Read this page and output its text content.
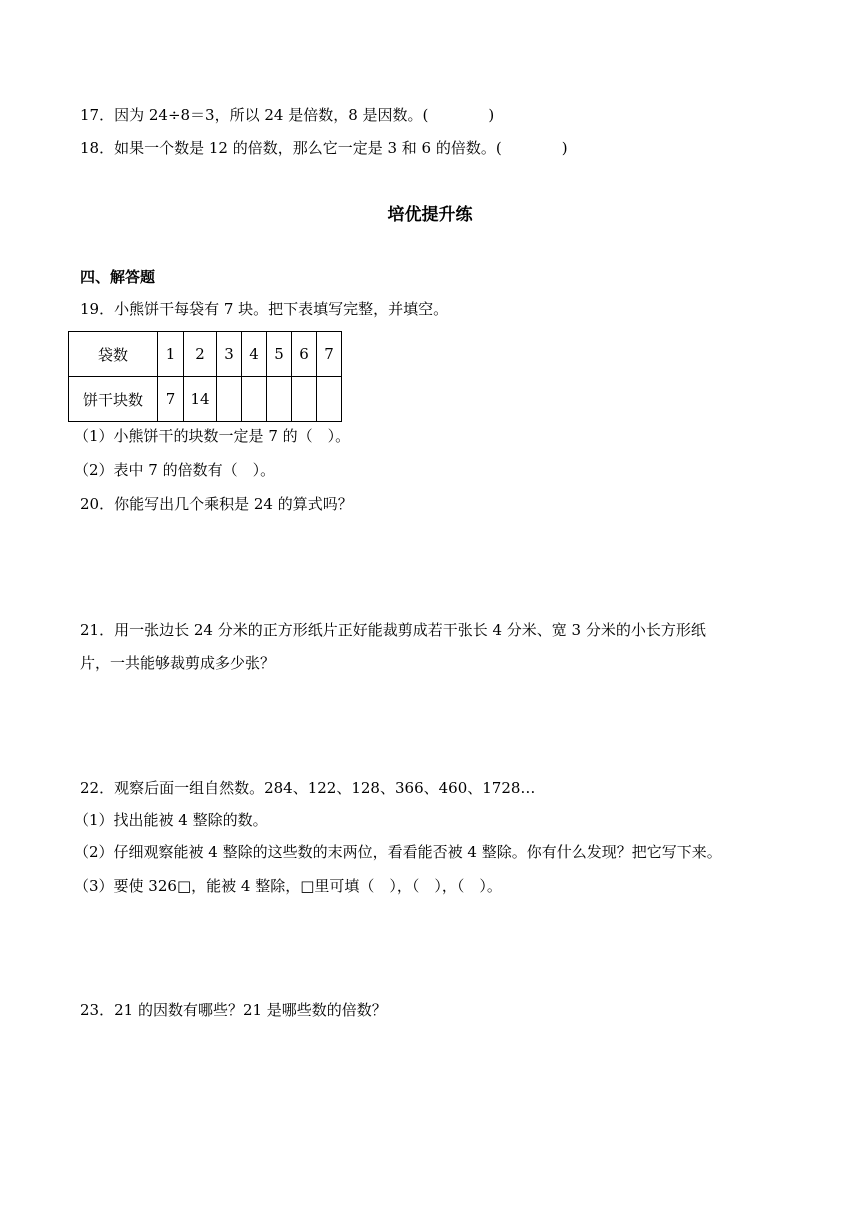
17．因为 24÷8＝3，所以 24 是倍数，8 是因数。(　　　　)
18．如果一个数是 12 的倍数，那么它一定是 3 和 6 的倍数。(　　　　)
培优提升练
四、解答题
19．小熊饼干每袋有 7 块。把下表填写完整，并填空。
袋数	1	2	3	4	5	6	7
饼干块数	7	14					
（1）小熊饼干的块数一定是 7 的（　）。
（2）表中 7 的倍数有（　）。
20．你能写出几个乘积是 24 的算式吗？
21．用一张边长 24 分米的正方形纸片正好能裁剪成若干张长 4 分米、宽 3 分米的小长方形纸
片，一共能够裁剪成多少张？
22．观察后面一组自然数。284、122、128、366、460、1728…
（1）找出能被 4 整除的数。
（2）仔细观察能被 4 整除的这些数的末两位，看看能否被 4 整除。你有什么发现？把它写下来。
（3）要使 326□，能被 4 整除，□里可填（　），（　），（　）。
23．21 的因数有哪些？21 是哪些数的倍数？
